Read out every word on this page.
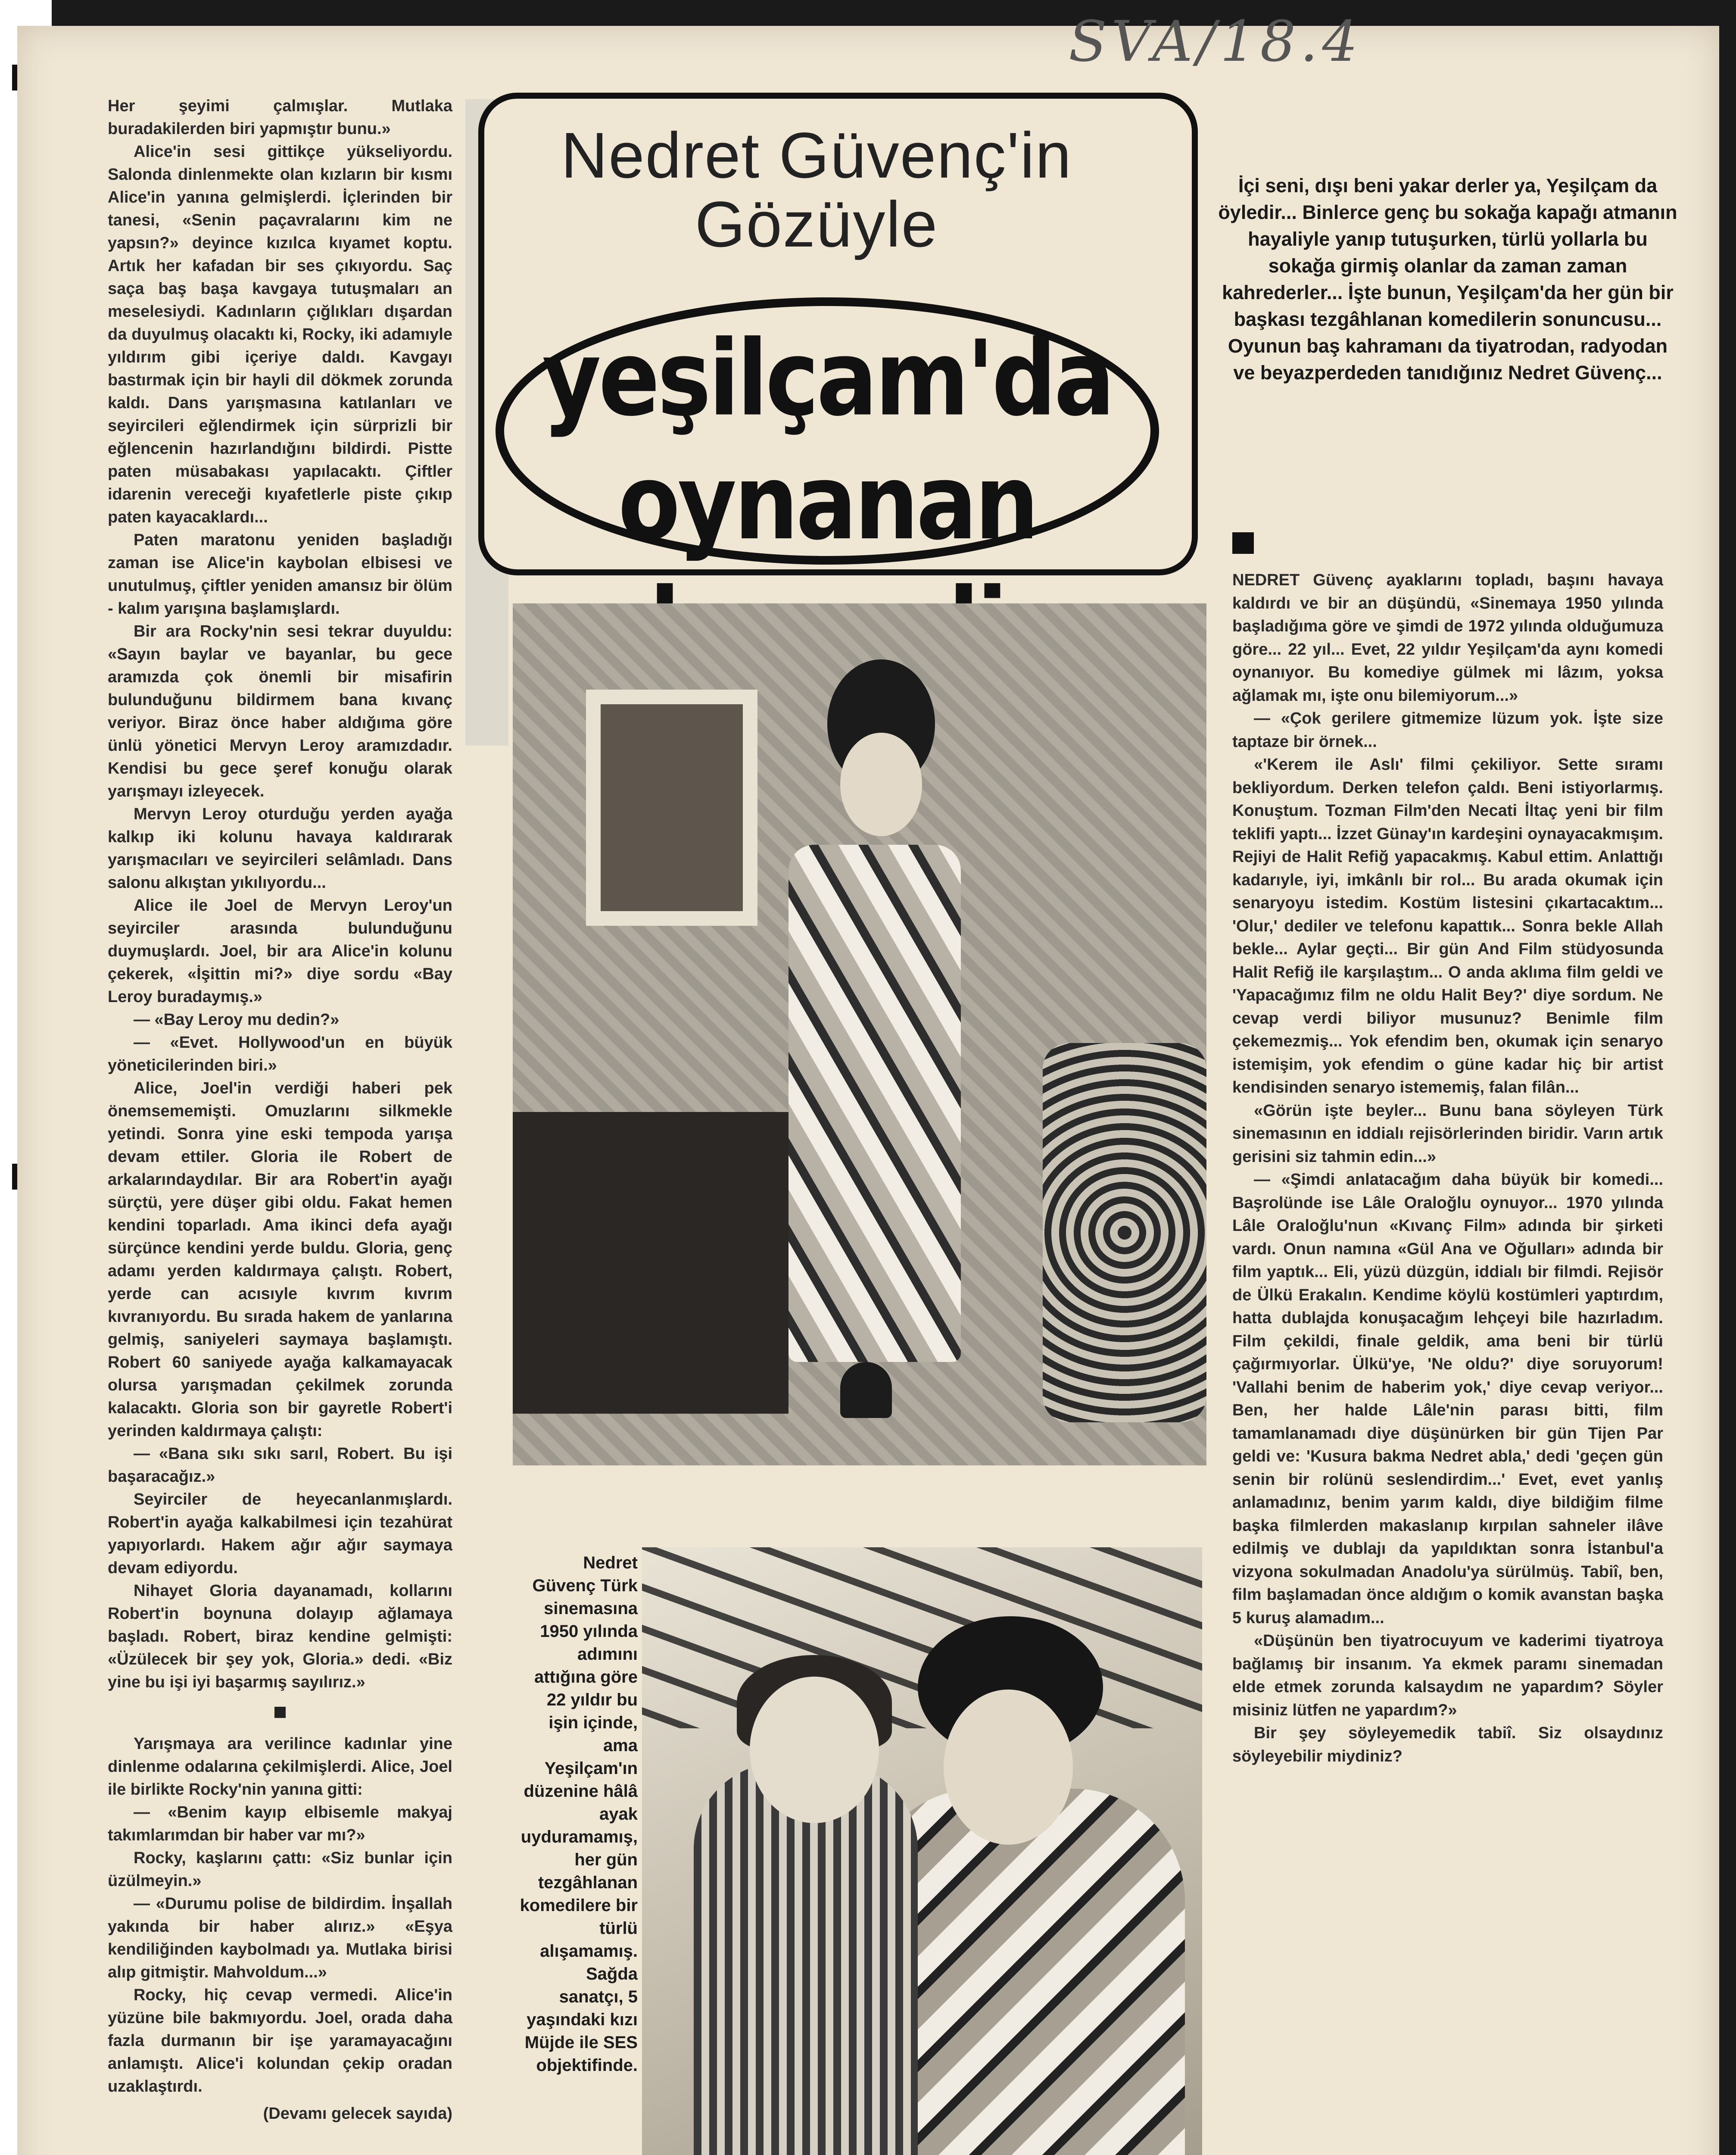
SVA/18.4

Her şeyimi çalmışlar. Mutlaka buradakilerden biri yapmıştır bunu.»

Alice'in sesi gittikçe yükseliyordu. Salonda dinlenmekte olan kızların bir kısmı Alice'in yanına gelmişlerdi. İçlerinden bir tanesi, «Senin paçavralarını kim ne yapsın?» deyince kızılca kıyamet koptu. Artık her kafadan bir ses çıkıyordu. Saç saça baş başa kavgaya tutuşmaları an meselesiydi. Kadınların çığlıkları dışardan da duyulmuş olacaktı ki, Rocky, iki adamıyle yıldırım gibi içeriye daldı. Kavgayı bastırmak için bir hayli dil dökmek zorunda kaldı. Dans yarışmasına katılanları ve seyircileri eğlendirmek için sürprizli bir eğlencenin hazırlandığını bildirdi. Pistte paten müsabakası yapılacaktı. Çiftler idarenin vereceği kıyafetlerle piste çıkıp paten kayacaklardı...

Paten maratonu yeniden başladığı zaman ise Alice'in kaybolan elbisesi ve unutulmuş, çiftler yeniden amansız bir ölüm - kalım yarışına başlamışlardı.

Bir ara Rocky'nin sesi tekrar duyuldu: «Sayın baylar ve bayanlar, bu gece aramızda çok önemli bir misafirin bulunduğunu bildirmem bana kıvanç veriyor. Biraz önce haber aldığıma göre ünlü yönetici Mervyn Leroy aramızdadır. Kendisi bu gece şeref konuğu olarak yarışmayı izleyecek.

Mervyn Leroy oturduğu yerden ayağa kalkıp iki kolunu havaya kaldırarak yarışmacıları ve seyircileri selâmladı. Dans salonu alkıştan yıkılıyordu...

Alice ile Joel de Mervyn Leroy'un seyirciler arasında bulunduğunu duymuşlardı. Joel, bir ara Alice'in kolunu çekerek, «İşittin mi?» diye sordu «Bay Leroy buradaymış.»

— «Bay Leroy mu dedin?»

— «Evet. Hollywood'un en büyük yöneticilerinden biri.»

Alice, Joel'in verdiği haberi pek önemsememişti. Omuzlarını silkmekle yetindi. Sonra yine eski tempoda yarışa devam ettiler. Gloria ile Robert de arkalarındaydılar. Bir ara Robert'in ayağı sürçtü, yere düşer gibi oldu. Fakat hemen kendini toparladı. Ama ikinci defa ayağı sürçünce kendini yerde buldu. Gloria, genç adamı yerden kaldırmaya çalıştı. Robert, yerde can acısıyle kıvrım kıvrım kıvranıyordu. Bu sırada hakem de yanlarına gelmiş, saniyeleri saymaya başlamıştı. Robert 60 saniyede ayağa kalkamayacak olursa yarışmadan çekilmek zorunda kalacaktı. Gloria son bir gayretle Robert'i yerinden kaldırmaya çalıştı:

— «Bana sıkı sıkı sarıl, Robert. Bu işi başaracağız.»

Seyirciler de heyecanlanmışlardı. Robert'in ayağa kalkabilmesi için tezahürat yapıyorlardı. Hakem ağır ağır saymaya devam ediyordu.

Nihayet Gloria dayanamadı, kollarını Robert'in boynuna dolayıp ağlamaya başladı. Robert, biraz kendine gelmişti: «Üzülecek bir şey yok, Gloria.» dedi. «Biz yine bu işi iyi başarmış sayılırız.»

Yarışmaya ara verilince kadınlar yine dinlenme odalarına çekilmişlerdi. Alice, Joel ile birlikte Rocky'nin yanına gitti:

— «Benim kayıp elbisemle makyaj takımlarımdan bir haber var mı?»

Rocky, kaşlarını çattı: «Siz bunlar için üzülmeyin.»

— «Durumu polise de bildirdim. İnşallah yakında bir haber alırız.» «Eşya kendiliğinden kaybolmadı ya. Mutlaka birisi alıp gitmiştir. Mahvoldum...»

Rocky, hiç cevap vermedi. Alice'in yüzüne bile bakmıyordu. Joel, orada daha fazla durmanın bir işe yaramayacağını anlamıştı. Alice'i kolundan çekip oradan uzaklaştırdı.

(Devamı gelecek sayıda)

Nedret Güvenç'in
Gözüyle
yeşilçam'da
oynanan
İçi seni, dışı beni yakar derler ya, Yeşilçam da öyledir... Binlerce genç bu sokağa kapağı atmanın hayaliyle yanıp tutuşurken, türlü yollarla bu sokağa girmiş olanlar da zaman zaman kahrederler... İşte bunun, Yeşilçam'da her gün bir başkası tezgâhlanan komedilerin sonuncusu... Oyunun baş kahramanı da tiyatrodan, radyodan ve beyazperdeden tanıdığınız Nedret Güvenç...

NEDRET Güvenç ayaklarını topladı, başını havaya kaldırdı ve bir an düşündü, «Sinemaya 1950 yılında başladığıma göre ve şimdi de 1972 yılında olduğumuza göre... 22 yıl... Evet, 22 yıldır Yeşilçam'da aynı komedi oynanıyor. Bu komediye gülmek mi lâzım, yoksa ağlamak mı, işte onu bilemiyorum...»

— «Çok gerilere gitmemize lüzum yok. İşte size taptaze bir örnek...

«'Kerem ile Aslı' filmi çekiliyor. Sette sıramı bekliyordum. Derken telefon çaldı. Beni istiyorlarmış. Konuştum. Tozman Film'den Necati İltaç yeni bir film teklifi yaptı... İzzet Günay'ın kardeşini oynayacakmışım. Rejiyi de Halit Refiğ yapacakmış. Kabul ettim. Anlattığı kadarıyle, iyi, imkânlı bir rol... Bu arada okumak için senaryoyu istedim. Kostüm listesini çıkartacaktım... 'Olur,' dediler ve telefonu kapattık... Sonra bekle Allah bekle... Aylar geçti... Bir gün And Film stüdyosunda Halit Refiğ ile karşılaştım... O anda aklıma film geldi ve 'Yapacağımız film ne oldu Halit Bey?' diye sordum. Ne cevap verdi biliyor musunuz? Benimle film çekemezmiş... Yok efendim ben, okumak için senaryo istemişim, yok efendim o güne kadar hiç bir artist kendisinden senaryo istememiş, falan filân...

«Görün işte beyler... Bunu bana söyleyen Türk sinemasının en iddialı rejisörlerinden biridir. Varın artık gerisini siz tahmin edin...»

— «Şimdi anlatacağım daha büyük bir komedi... Başrolünde ise Lâle Oraloğlu oynuyor... 1970 yılında Lâle Oraloğlu'nun «Kıvanç Film» adında bir şirketi vardı. Onun namına «Gül Ana ve Oğulları» adında bir film yaptık... Eli, yüzü düzgün, iddialı bir filmdi. Rejisör de Ülkü Erakalın. Kendime köylü kostümleri yaptırdım, hatta dublajda konuşacağım lehçeyi bile hazırladım. Film çekildi, finale geldik, ama beni bir türlü çağırmıyorlar. Ülkü'ye, 'Ne oldu?' diye soruyorum! 'Vallahi benim de haberim yok,' diye cevap veriyor... Ben, her halde Lâle'nin parası bitti, film tamamlanamadı diye düşünürken bir gün Tijen Par geldi ve: 'Kusura bakma Nedret abla,' dedi 'geçen gün senin bir rolünü seslendirdim...' Evet, evet yanlış anlamadınız, benim yarım kaldı, diye bildiğim filme başka filmlerden makaslanıp kırpılan sahneler ilâve edilmiş ve dublajı da yapıldıktan sonra İstanbul'a vizyona sokulmadan Anadolu'ya sürülmüş. Tabiî, ben, film başlamadan önce aldığım o komik avanstan başka 5 kuruş alamadım...

«Düşünün ben tiyatrocuyum ve kaderimi tiyatroya bağlamış bir insanım. Ya ekmek paramı sinemadan elde etmek zorunda kalsaydım ne yapardım? Söyler misiniz lütfen ne yapardım?»

Bir şey söyleyemedik tabiî. Siz olsaydınız söyleyebilir miydiniz?

Nedret Güvenç Türk sinemasına 1950 yılında adımını attığına göre 22 yıldır bu işin içinde, ama Yeşilçam'ın düzenine hâlâ ayak uyduramamış, her gün tezgâhlanan komedilere bir türlü alışamamış. Sağda sanatçı, 5 yaşındaki kızı Müjde ile SES objektifinde.
